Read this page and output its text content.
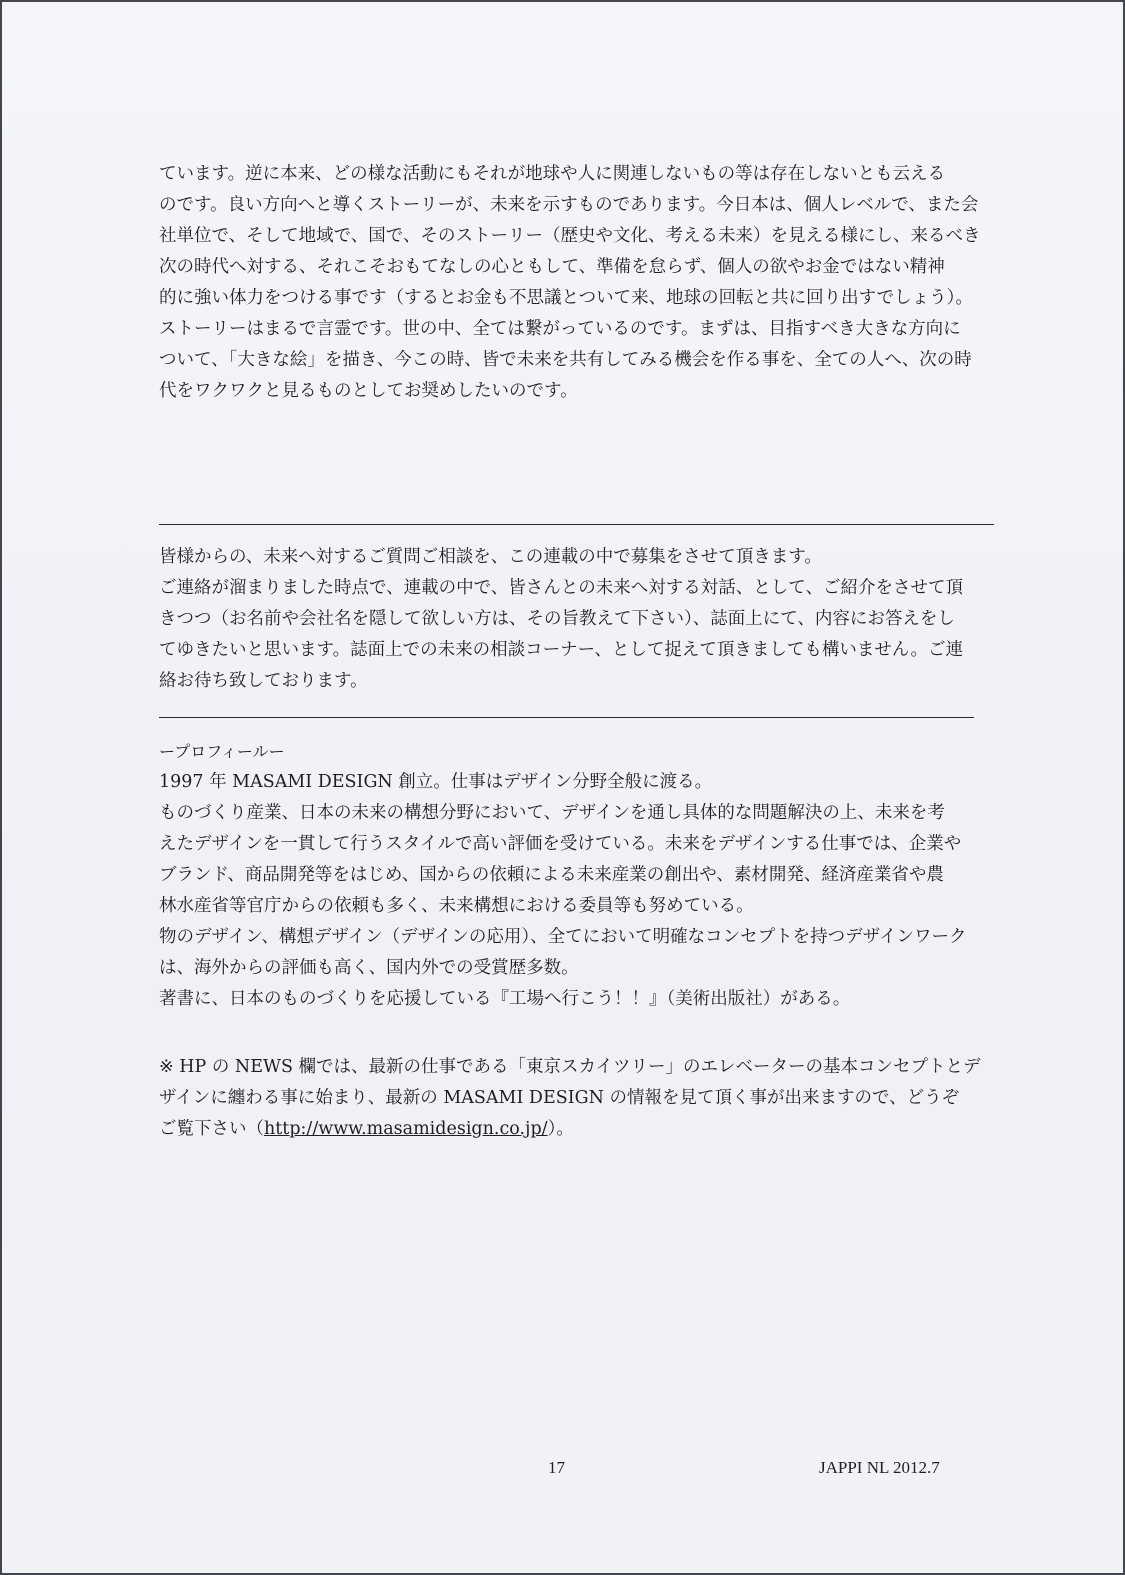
ています。逆に本来、どの様な活動にもそれが地球や人に関連しないもの等は存在しないとも云える
のです。良い方向へと導くストーリーが、未来を示すものであります。今日本は、個人レベルで、また会
社単位で、そして地域で、国で、そのストーリー（歴史や文化、考える未来）を見える様にし、来るべき
次の時代へ対する、それこそおもてなしの心ともして、準備を怠らず、個人の欲やお金ではない精神
的に強い体力をつける事です（するとお金も不思議とついて来、地球の回転と共に回り出すでしょう）。
ストーリーはまるで言霊です。世の中、全ては繋がっているのです。まずは、目指すべき大きな方向に
ついて、「大きな絵」を描き、今この時、皆で未来を共有してみる機会を作る事を、全ての人へ、次の時
代をワクワクと見るものとしてお奨めしたいのです。
皆様からの、未来へ対するご質問ご相談を、この連載の中で募集をさせて頂きます。
ご連絡が溜まりました時点で、連載の中で、皆さんとの未来へ対する対話、として、ご紹介をさせて頂
きつつ（お名前や会社名を隠して欲しい方は、その旨教えて下さい）、誌面上にて、内容にお答えをし
てゆきたいと思います。誌面上での未来の相談コーナー、として捉えて頂きましても構いません。ご連
絡お待ち致しております。
ープロフィールー
1997 年 MASAMI DESIGN 創立。仕事はデザイン分野全般に渡る。
ものづくり産業、日本の未来の構想分野において、デザインを通し具体的な問題解決の上、未来を考
えたデザインを一貫して行うスタイルで高い評価を受けている。未来をデザインする仕事では、企業や
ブランド、商品開発等をはじめ、国からの依頼による未来産業の創出や、素材開発、経済産業省や農
林水産省等官庁からの依頼も多く、未来構想における委員等も努めている。
物のデザイン、構想デザイン（デザインの応用）、全てにおいて明確なコンセプトを持つデザインワーク
は、海外からの評価も高く、国内外での受賞歴多数。
著書に、日本のものづくりを応援している『工場へ行こう！！』（美術出版社）がある。
※ HP の NEWS 欄では、最新の仕事である「東京スカイツリー」のエレベーターの基本コンセプトとデ
ザインに纏わる事に始まり、最新の MASAMI DESIGN の情報を見て頂く事が出来ますので、どうぞ
ご覧下さい（http://www.masamidesign.co.jp/）。
17	JAPPI NL 2012.7
